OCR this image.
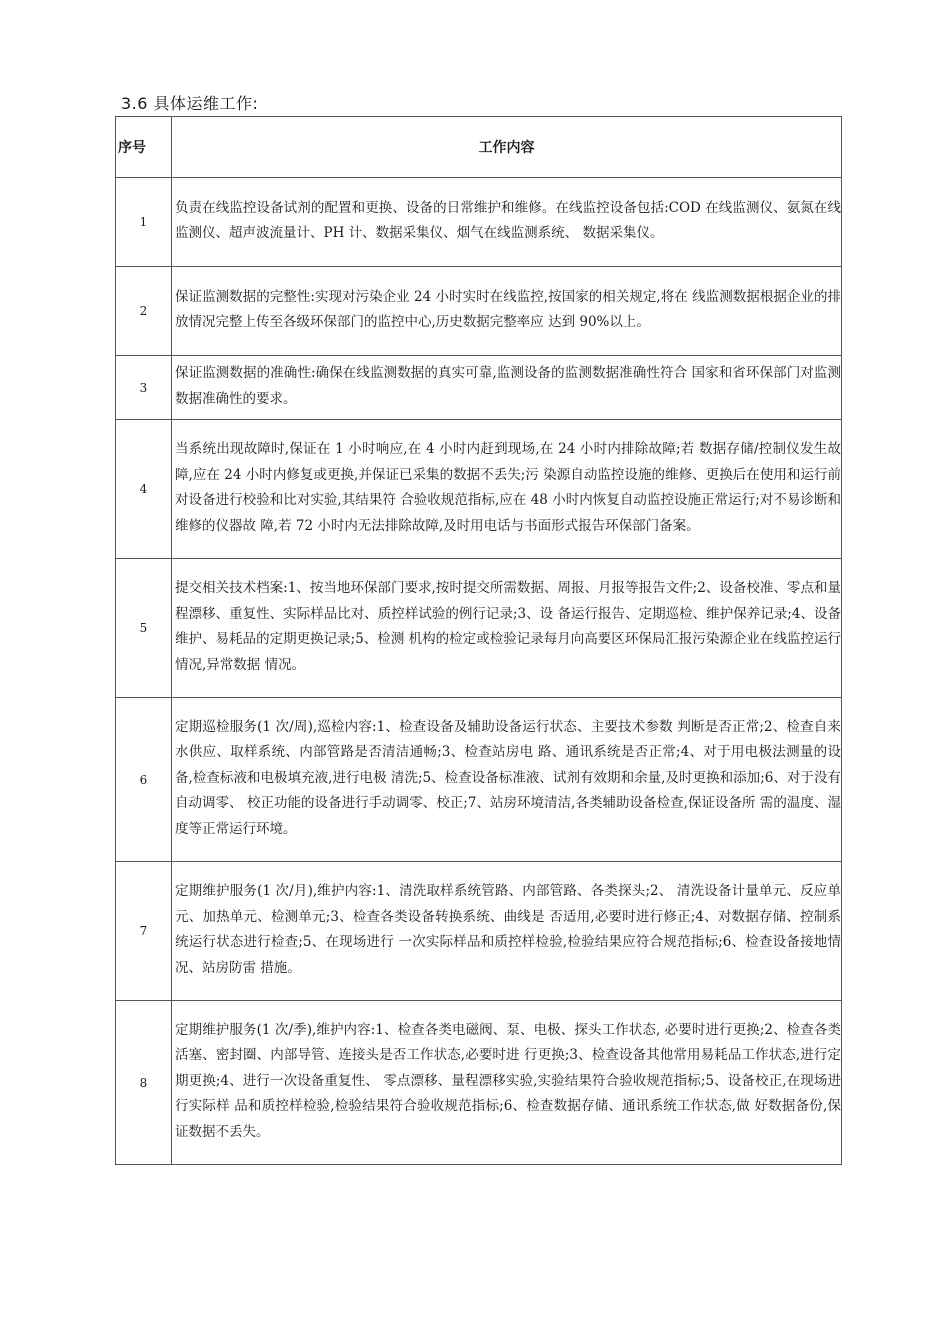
3.6 具体运维工作:
序号	工作内容
1	负责在线监控设备试剂的配置和更换、设备的日常维护和维修。在线监控设备包括:COD 在线监测仪、氨氮在线监测仪、超声波流量计、PH 计、数据采集仪、烟气在线监测系统、 数据采集仪。
2	保证监测数据的完整性:实现对污染企业 24 小时实时在线监控,按国家的相关规定,将在 线监测数据根据企业的排放情况完整上传至各级环保部门的监控中心,历史数据完整率应 达到 90%以上。
3	保证监测数据的准确性:确保在线监测数据的真实可靠,监测设备的监测数据准确性符合 国家和省环保部门对监测数据准确性的要求。
4	当系统出现故障时,保证在 1 小时响应,在 4 小时内赶到现场,在 24 小时内排除故障;若 数据存储/控制仪发生故障,应在 24 小时内修复或更换,并保证已采集的数据不丢失;污 染源自动监控设施的维修、更换后在使用和运行前对设备进行校验和比对实验,其结果符 合验收规范指标,应在 48 小时内恢复自动监控设施正常运行;对不易诊断和维修的仪器故 障,若 72 小时内无法排除故障,及时用电话与书面形式报告环保部门备案。
5	提交相关技术档案:1、按当地环保部门要求,按时提交所需数据、周报、月报等报告文件;2、设备校准、零点和量程漂移、重复性、实际样品比对、质控样试验的例行记录;3、设 备运行报告、定期巡检、维护保养记录;4、设备维护、易耗品的定期更换记录;5、检测 机构的检定或检验记录每月向高要区环保局汇报污染源企业在线监控运行情况,异常数据 情况。
6	定期巡检服务(1 次/周),巡检内容:1、检查设备及辅助设备运行状态、主要技术参数 判断是否正常;2、检查自来水供应、取样系统、内部管路是否清洁通畅;3、检查站房电 路、通讯系统是否正常;4、对于用电极法测量的设备,检查标液和电极填充液,进行电极 清洗;5、检查设备标准液、试剂有效期和余量,及时更换和添加;6、对于没有自动调零、 校正功能的设备进行手动调零、校正;7、站房环境清洁,各类辅助设备检查,保证设备所 需的温度、湿度等正常运行环境。
7	定期维护服务(1 次/月),维护内容:1、清洗取样系统管路、内部管路、各类探头;2、 清洗设备计量单元、反应单元、加热单元、检测单元;3、检查各类设备转换系统、曲线是 否适用,必要时进行修正;4、对数据存储、控制系统运行状态进行检查;5、在现场进行 一次实际样品和质控样检验,检验结果应符合规范指标;6、检查设备接地情况、站房防雷 措施。
8	定期维护服务(1 次/季),维护内容:1、检查各类电磁阀、泵、电极、探头工作状态, 必要时进行更换;2、检查各类活塞、密封圈、内部导管、连接头是否工作状态,必要时进 行更换;3、检查设备其他常用易耗品工作状态,进行定期更换;4、进行一次设备重复性、 零点漂移、量程漂移实验,实验结果符合验收规范指标;5、设备校正,在现场进行实际样 品和质控样检验,检验结果符合验收规范指标;6、检查数据存储、通讯系统工作状态,做 好数据备份,保证数据不丢失。
